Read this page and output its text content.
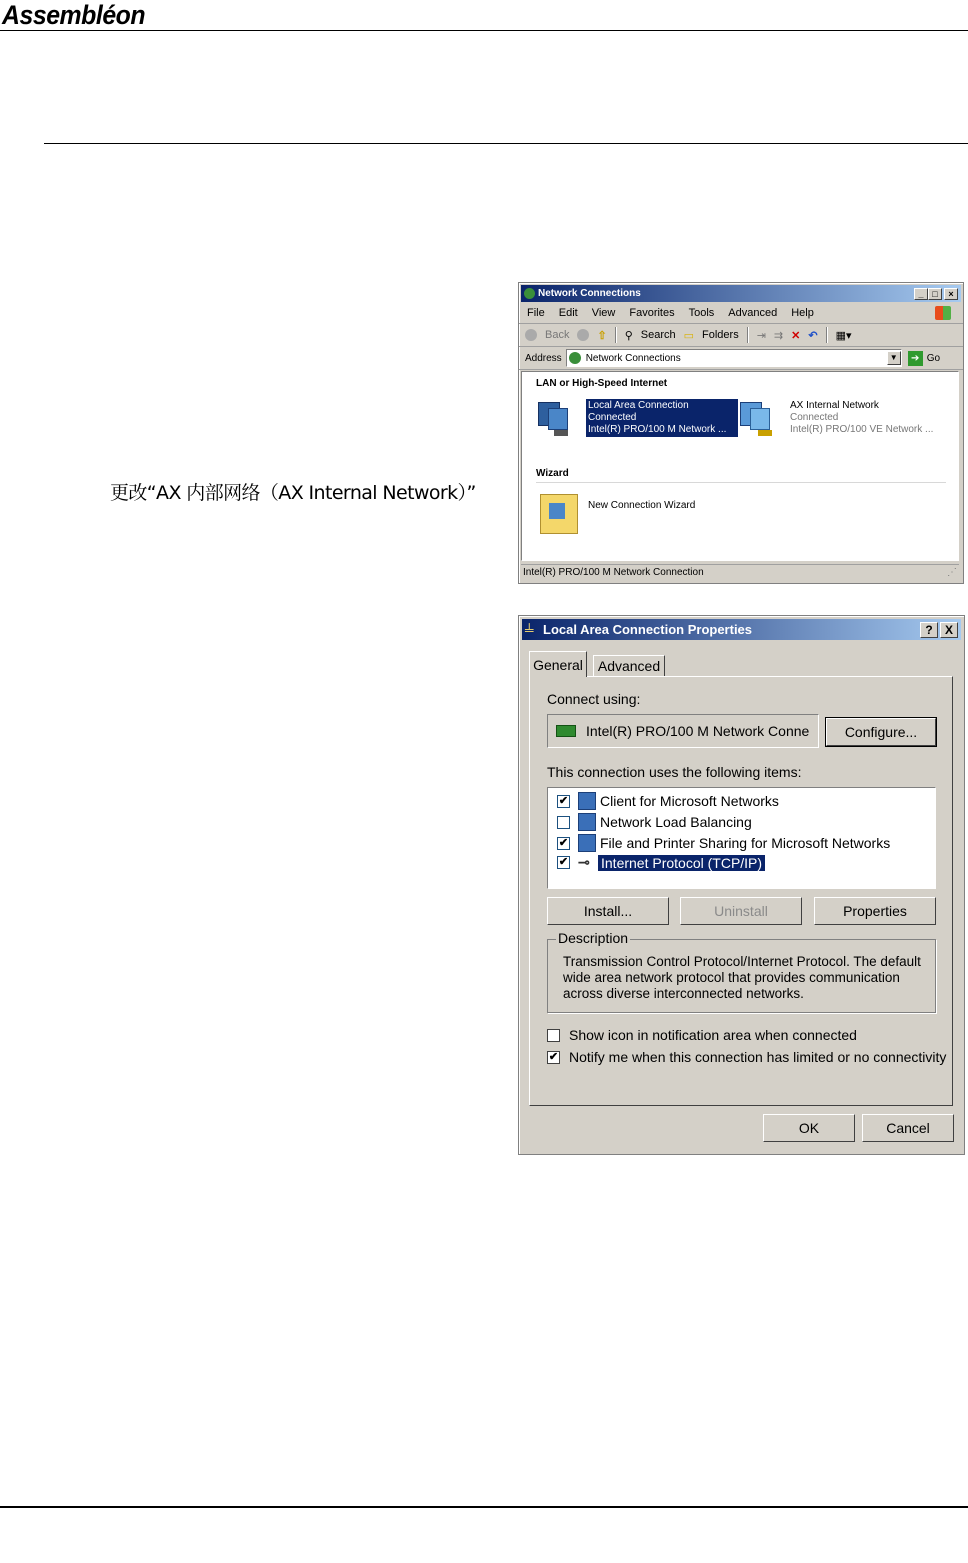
Assembléon
更改“AX 内部网络（AX Internal Network）”
Network Connections	_ □	×
File Edit View Favorites Tools Advanced Help
Back	⇧ ⚲ Search ▭ Folders ⇥ ⇉ ✕ ↶ ▦▾
Address Network Connections	▼	➔ Go
LAN or High-Speed Internet
Local Area Connection
Connected
Intel(R) PRO/100 M Network ...
AX Internal Network
Connected
Intel(R) PRO/100 VE Network ...
Wizard
New Connection Wizard
Intel(R) PRO/100 M Network Connection	⋰
╧ Local Area Connection Properties	?	X
General Advanced
Connect using:
Intel(R) PRO/100 M Network Conne	Configure...
This connection uses the following items:
✔ Client for Microsoft Networks
Network Load Balancing
✔ File and Printer Sharing for Microsoft Networks
✔ ⊸ Internet Protocol (TCP/IP)
Install...	Uninstall	Properties
Description
Transmission Control Protocol/Internet Protocol. The default wide area network protocol that provides communication across diverse interconnected networks.
Show icon in notification area when connected
✔ Notify me when this connection has limited or no connectivity
OK	Cancel
